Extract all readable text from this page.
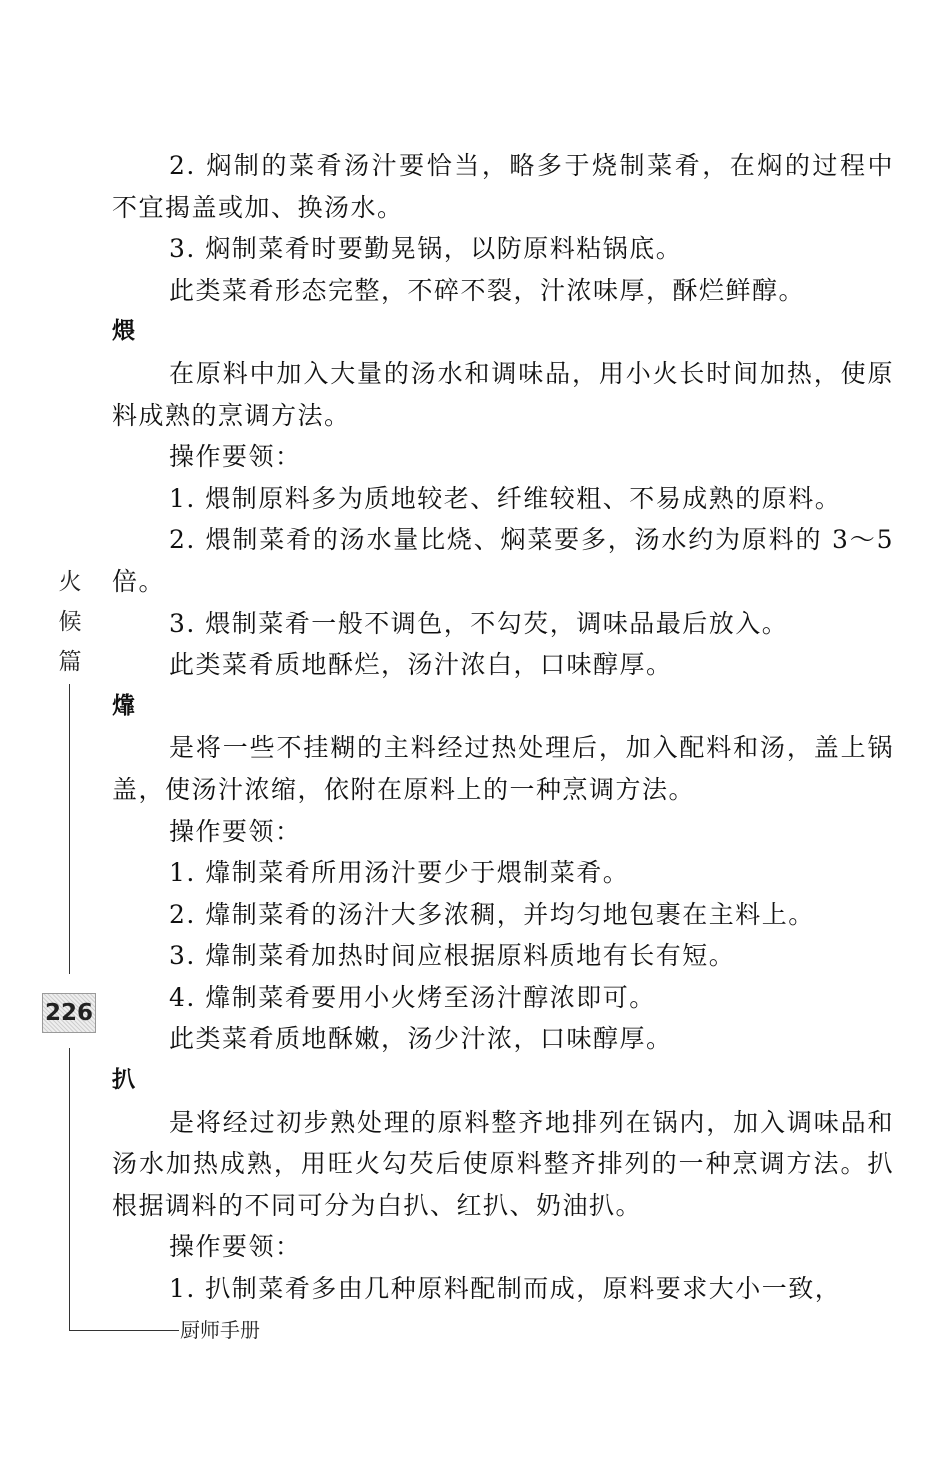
火
候
篇
226
厨师手册

2. 焖制的菜肴汤汁要恰当，略多于烧制菜肴，在焖的过程中不宜揭盖或加、换汤水。

3. 焖制菜肴时要勤晃锅，以防原料粘锅底。

此类菜肴形态完整，不碎不裂，汁浓味厚，酥烂鲜醇。

煨

在原料中加入大量的汤水和调味品，用小火长时间加热，使原料成熟的烹调方法。

操作要领：

1. 煨制原料多为质地较老、纤维较粗、不易成熟的原料。

2. 煨制菜肴的汤水量比烧、焖菜要多，汤水约为原料的 3～5 倍。

3. 煨制菜肴一般不调色，不勾芡，调味品最后放入。

此类菜肴质地酥烂，汤汁浓白，口味醇厚。

㸆

是将一些不挂糊的主料经过热处理后，加入配料和汤，盖上锅盖，使汤汁浓缩，依附在原料上的一种烹调方法。

操作要领：

1. 㸆制菜肴所用汤汁要少于煨制菜肴。

2. 㸆制菜肴的汤汁大多浓稠，并均匀地包裹在主料上。

3. 㸆制菜肴加热时间应根据原料质地有长有短。

4. 㸆制菜肴要用小火烤至汤汁醇浓即可。

此类菜肴质地酥嫩，汤少汁浓，口味醇厚。

扒

是将经过初步熟处理的原料整齐地排列在锅内，加入调味品和汤水加热成熟，用旺火勾芡后使原料整齐排列的一种烹调方法。扒根据调料的不同可分为白扒、红扒、奶油扒。

操作要领：

1. 扒制菜肴多由几种原料配制而成，原料要求大小一致，
